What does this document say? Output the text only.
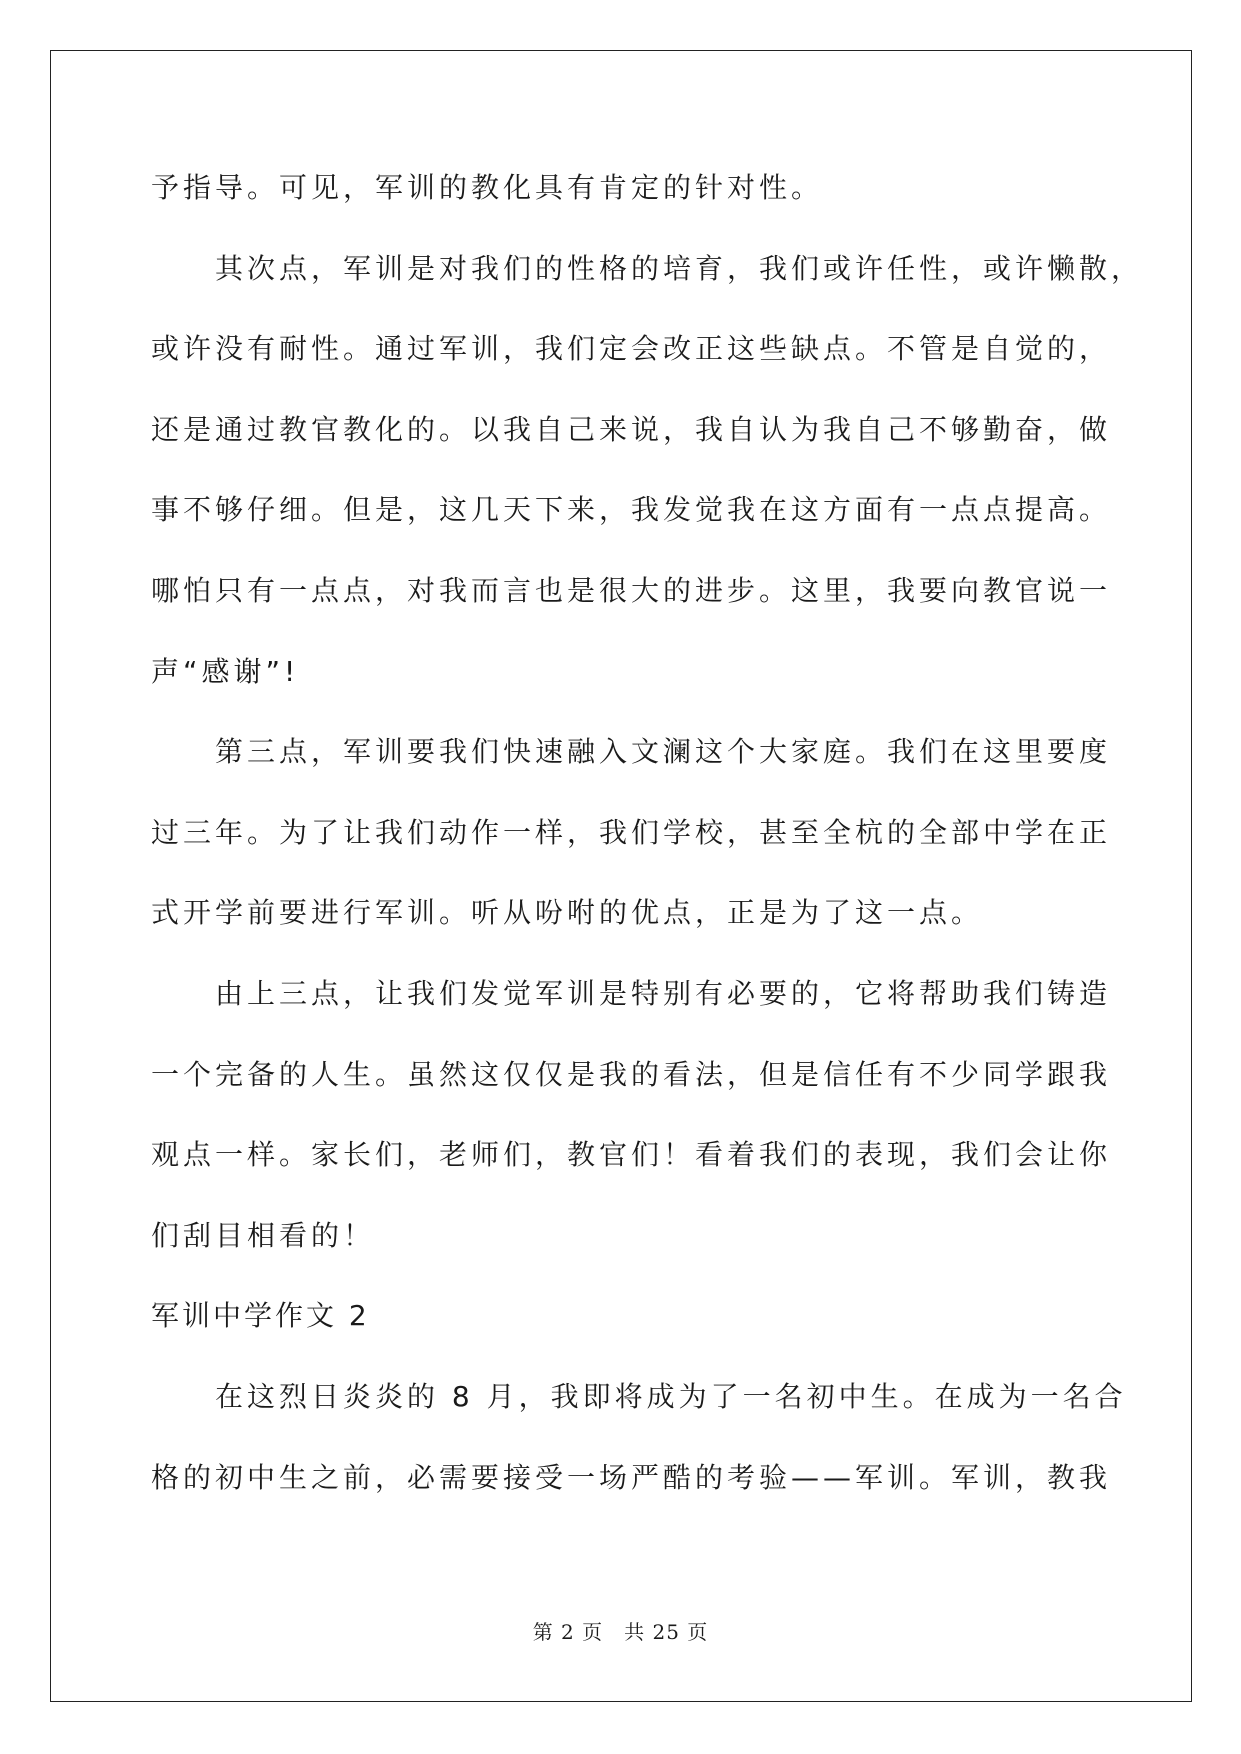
予指导。可见，军训的教化具有肯定的针对性。
其次点，军训是对我们的性格的培育，我们或许任性，或许懒散，
或许没有耐性。通过军训，我们定会改正这些缺点。不管是自觉的，
还是通过教官教化的。以我自己来说，我自认为我自己不够勤奋，做
事不够仔细。但是，这几天下来，我发觉我在这方面有一点点提高。
哪怕只有一点点，对我而言也是很大的进步。这里，我要向教官说一
声“感谢”!
第三点，军训要我们快速融入文澜这个大家庭。我们在这里要度
过三年。为了让我们动作一样，我们学校，甚至全杭的全部中学在正
式开学前要进行军训。听从吩咐的优点，正是为了这一点。
由上三点，让我们发觉军训是特别有必要的，它将帮助我们铸造
一个完备的人生。虽然这仅仅是我的看法，但是信任有不少同学跟我
观点一样。家长们，老师们，教官们！看着我们的表现，我们会让你
们刮目相看的！
军训中学作文 2
在这烈日炎炎的 8 月，我即将成为了一名初中生。在成为一名合
格的初中生之前，必需要接受一场严酷的考验——军训。军训，教我
第 2 页　共 25 页
